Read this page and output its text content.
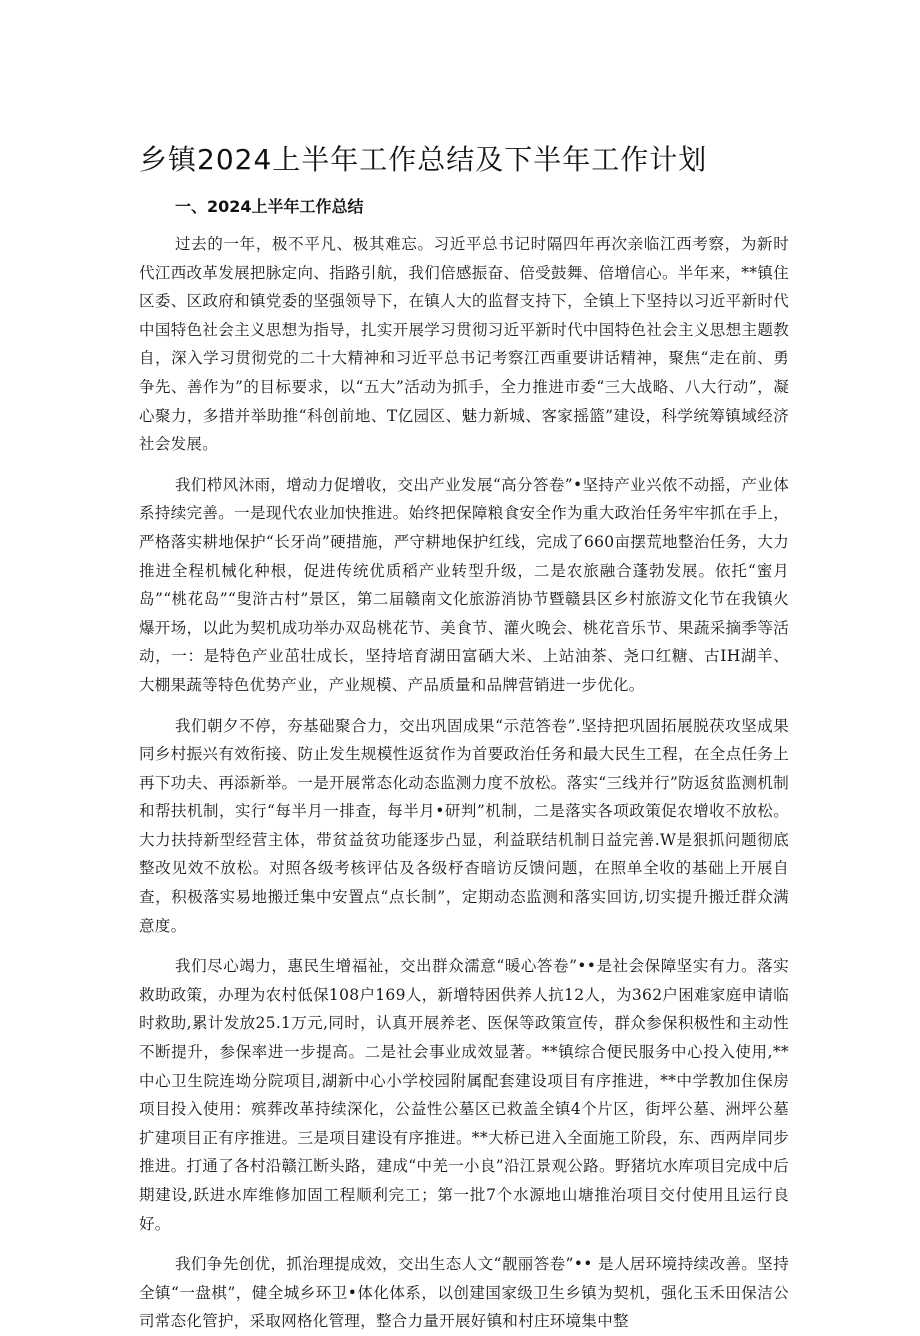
乡镇2024上半年工作总结及下半年工作计划
一、2024上半年工作总结

过去的一年，极不平凡、极其难忘。习近平总书记时隔四年再次亲临江西考察，为新时代江西改革发展把脉定向、指路引航，我们倍感振奋、倍受鼓舞、倍增信心。半年来，**镇住区委、区政府和镇党委的坚强领导下，在镇人大的监督支持下，全镇上下坚持以习近平新时代中国特色社会主义思想为指导，扎实开展学习贯彻习近平新时代中国特色社会主义思想主题教自，深入学习贯彻党的二十大精神和习近平总书记考察江西重要讲话精神，聚焦“走在前、勇争先、善作为”的目标要求，以“五大”活动为抓手，全力推进市委“三大战略、八大行动”，凝心聚力，多措并举助推“科创前地、T亿园区、魅力新城、客家摇篮”建设，科学统筹镇域经济社会发展。

我们栉风沐雨，增动力促增收，交出产业发展“高分答卷”•坚持产业兴侬不动摇，产业体系持续完善。一是现代农业加快推进。始终把保障粮食安全作为重大政治任务牢牢抓在手上，严格落实耕地保护“长牙尚”硬措施，严守耕地保护红线，完成了660亩摆荒地整治任务，大力推进全程机械化种根，促进传统优质稻产业转型升级，二是农旅融合蓬勃发展。依托“蜜月岛”“桃花岛”“叟浒古村”景区，第二届赣南文化旅游消协节暨赣县区乡村旅游文化节在我镇火爆开场，以此为契机成功举办双岛桃花节、美食节、灌火晚会、桃花音乐节、果蔬采摘季等活动，一：是特色产业茁壮成长，坚持培育湖田富硒大米、上站油茶、尧口红糖、古IH湖羊、大棚果蔬等特色优势产业，产业规模、产品质量和品牌营销进一步优化。

我们朝夕不停，夯基础聚合力，交出巩固成果“示范答卷”.坚持把巩固拓展脱茯攻坚成果同乡村振兴有效衔接、防止发生规模性返贫作为首要政治任务和最大民生工程，在全点任务上再下功夫、再添新举。一是开展常态化动态监测力度不放松。落实“三线并行”防返贫监测机制和帮扶机制，实行“每半月一排查，每半月•研判”机制，二是落实各项政策促农增收不放松。大力扶持新型经营主体，带贫益贫功能逐步凸显，利益联结机制日益完善.W是狠抓问题彻底整改见效不放松。对照各级考核评估及各级杼杳暗访反馈问题，在照单全收的基础上开展自查，积极落实易地搬迁集中安置点“点长制”，定期动态监测和落实回访,切实提升搬迁群众满意度。

我们尽心竭力，惠民生增福祉，交出群众濡意“暖心答卷”••是社会保障坚实有力。落实救助政策，办理为农村低保108户169人，新增特困供养人抗12人，为362户困难家庭申请临时救助,累计发放25.1万元,同时，认真开展养老、医保等政策宣传，群众参保积极性和主动性不断提升，参保率进一步提高。二是社会事业成效显著。**镇综合便民服务中心投入使用,**中心卫生院连坳分院项目,湖新中心小学校园附属配套建设项目有序推进，**中学教加住保房项目投入使用：殡葬改革持续深化，公益性公墓区已救盖全镇4个片区，街坪公墓、洲坪公墓扩建项目正有序推进。三是项目建设有序推进。**大桥已进入全面施工阶段，东、西两岸同步推进。打通了各村沿赣江断头路，建成“中羌一小良”沿江景观公路。野猪坑水库项目完成中后期建设,跃进水库维修加固工程顺利完工；第一批7个水源地山塘推治项目交付使用且运行良好。

我们争先创优，抓治理提成效，交出生态人文“靓丽答卷”•• 是人居环境持续改善。坚持全镇“一盘棋”，健全城乡环卫•体化体系，以创建国家级卫生乡镇为契机，强化玉禾田保洁公司常态化管护，采取网格化管理，整合力量开展好镇和村庄环境集中整
